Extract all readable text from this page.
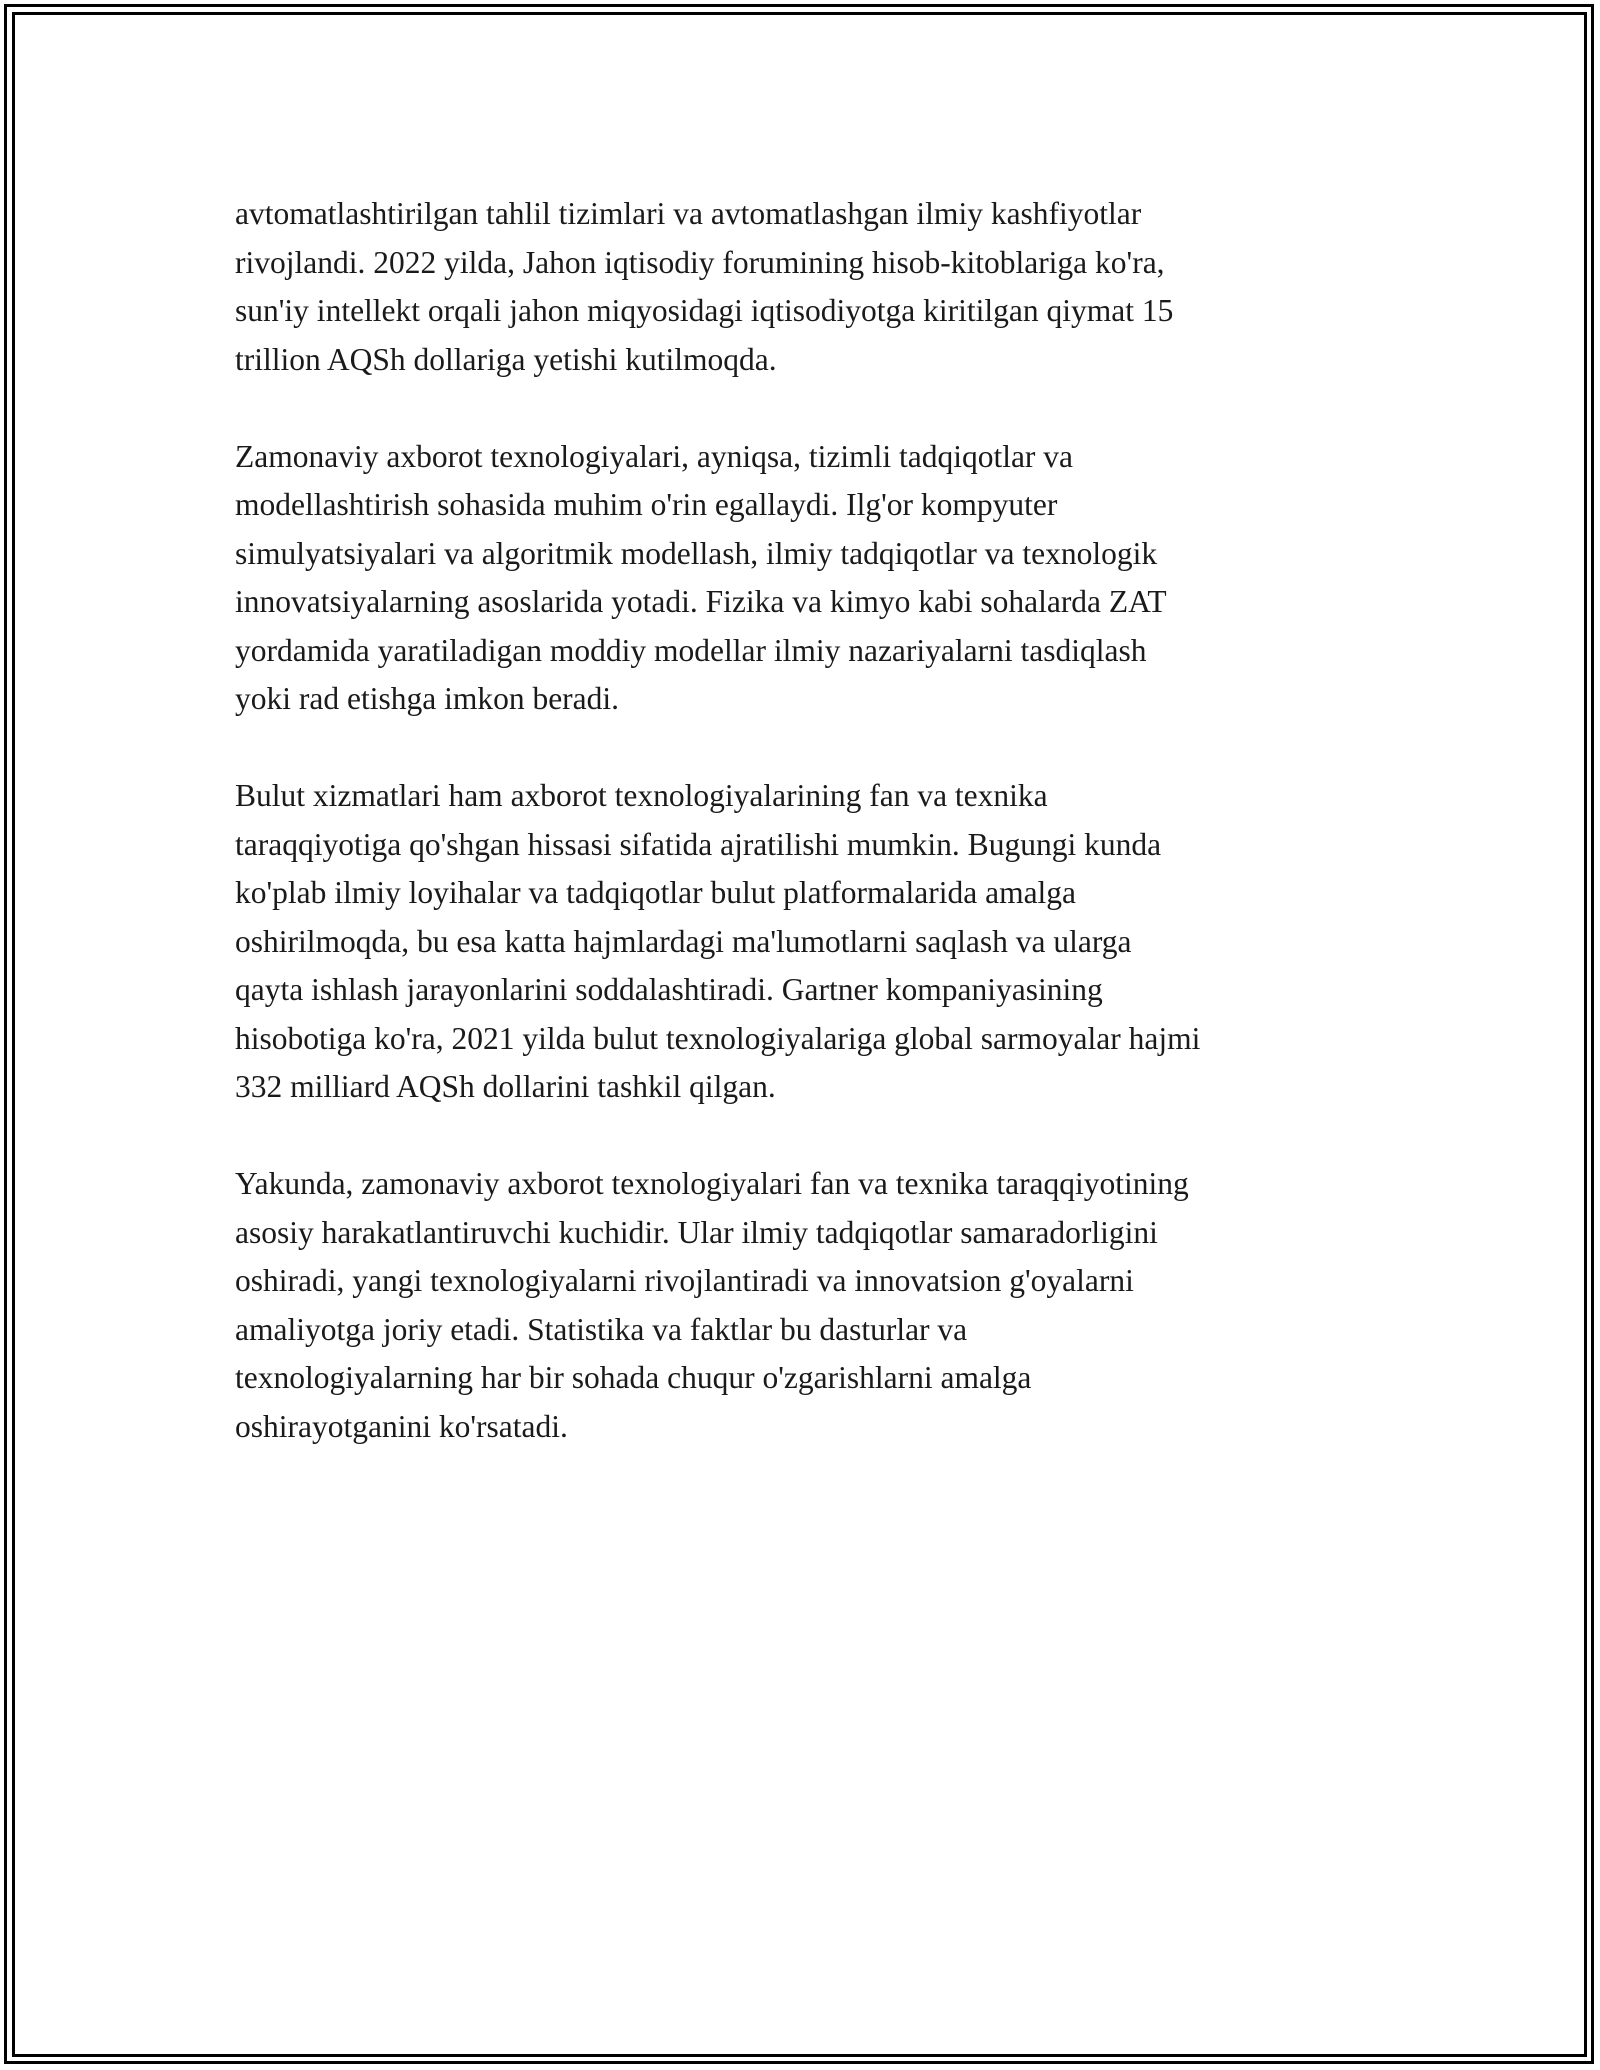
avtomatlashtirilgan tahlil tizimlari va avtomatlashgan ilmiy kashfiyotlar
rivojlandi. 2022 yilda, Jahon iqtisodiy forumining hisob-kitoblariga ko'ra,
sun'iy intellekt orqali jahon miqyosidagi iqtisodiyotga kiritilgan qiymat 15
trillion AQSh dollariga yetishi kutilmoqda.

Zamonaviy axborot texnologiyalari, ayniqsa, tizimli tadqiqotlar va
modellashtirish sohasida muhim o'rin egallaydi. Ilg'or kompyuter
simulyatsiyalari va algoritmik modellash, ilmiy tadqiqotlar va texnologik
innovatsiyalarning asoslarida yotadi. Fizika va kimyo kabi sohalarda ZAT
yordamida yaratiladigan moddiy modellar ilmiy nazariyalarni tasdiqlash
yoki rad etishga imkon beradi.

Bulut xizmatlari ham axborot texnologiyalarining fan va texnika
taraqqiyotiga qo'shgan hissasi sifatida ajratilishi mumkin. Bugungi kunda
ko'plab ilmiy loyihalar va tadqiqotlar bulut platformalarida amalga
oshirilmoqda, bu esa katta hajmlardagi ma'lumotlarni saqlash va ularga
qayta ishlash jarayonlarini soddalashtiradi. Gartner kompaniyasining
hisobotiga ko'ra, 2021 yilda bulut texnologiyalariga global sarmoyalar hajmi
332 milliard AQSh dollarini tashkil qilgan.

Yakunda, zamonaviy axborot texnologiyalari fan va texnika taraqqiyotining
asosiy harakatlantiruvchi kuchidir. Ular ilmiy tadqiqotlar samaradorligini
oshiradi, yangi texnologiyalarni rivojlantiradi va innovatsion g'oyalarni
amaliyotga joriy etadi. Statistika va faktlar bu dasturlar va
texnologiyalarning har bir sohada chuqur o'zgarishlarni amalga
oshirayotganini ko'rsatadi.
